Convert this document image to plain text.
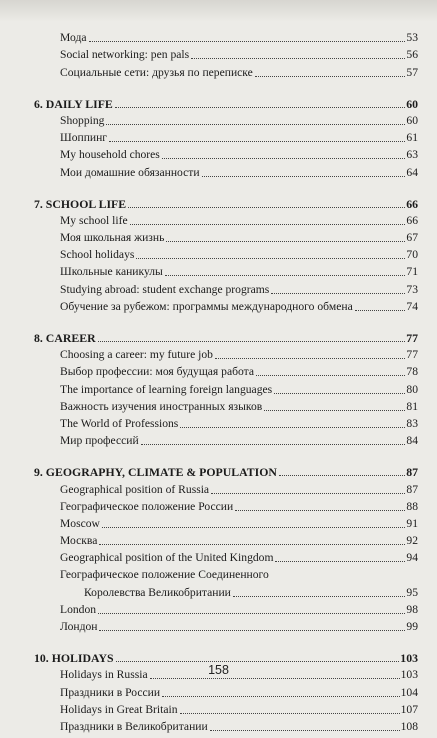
Мода	53
Social networking: pen pals	56
Социальные сети: друзья по переписке	57
6. DAILY LIFE	60
Shopping	60
Шоппинг	61
My household chores	63
Мои домашние обязанности	64
7. SCHOOL LIFE	66
My school life	66
Моя школьная жизнь	67
School holidays	70
Школьные каникулы	71
Studying abroad: student exchange programs	73
Обучение за рубежом: программы международного обмена	74
8. CAREER	77
Choosing a career: my future job	77
Выбор профессии: моя будущая работа	78
The importance of learning foreign languages	80
Важность изучения иностранных языков	81
The World of Professions	83
Мир профессий	84
9. GEOGRAPHY, CLIMATE & POPULATION	87
Geographical position of Russia	87
Географическое положение России	88
Moscow	91
Москва	92
Geographical position of the United Kingdom	94
Географическое положение Соединенного
Королевства Великобритании	95
London	98
Лондон	99
10. HOLIDAYS	103
Holidays in Russia	103
Праздники в России	104
Holidays in Great Britain	107
Праздники в Великобритании	108
158
